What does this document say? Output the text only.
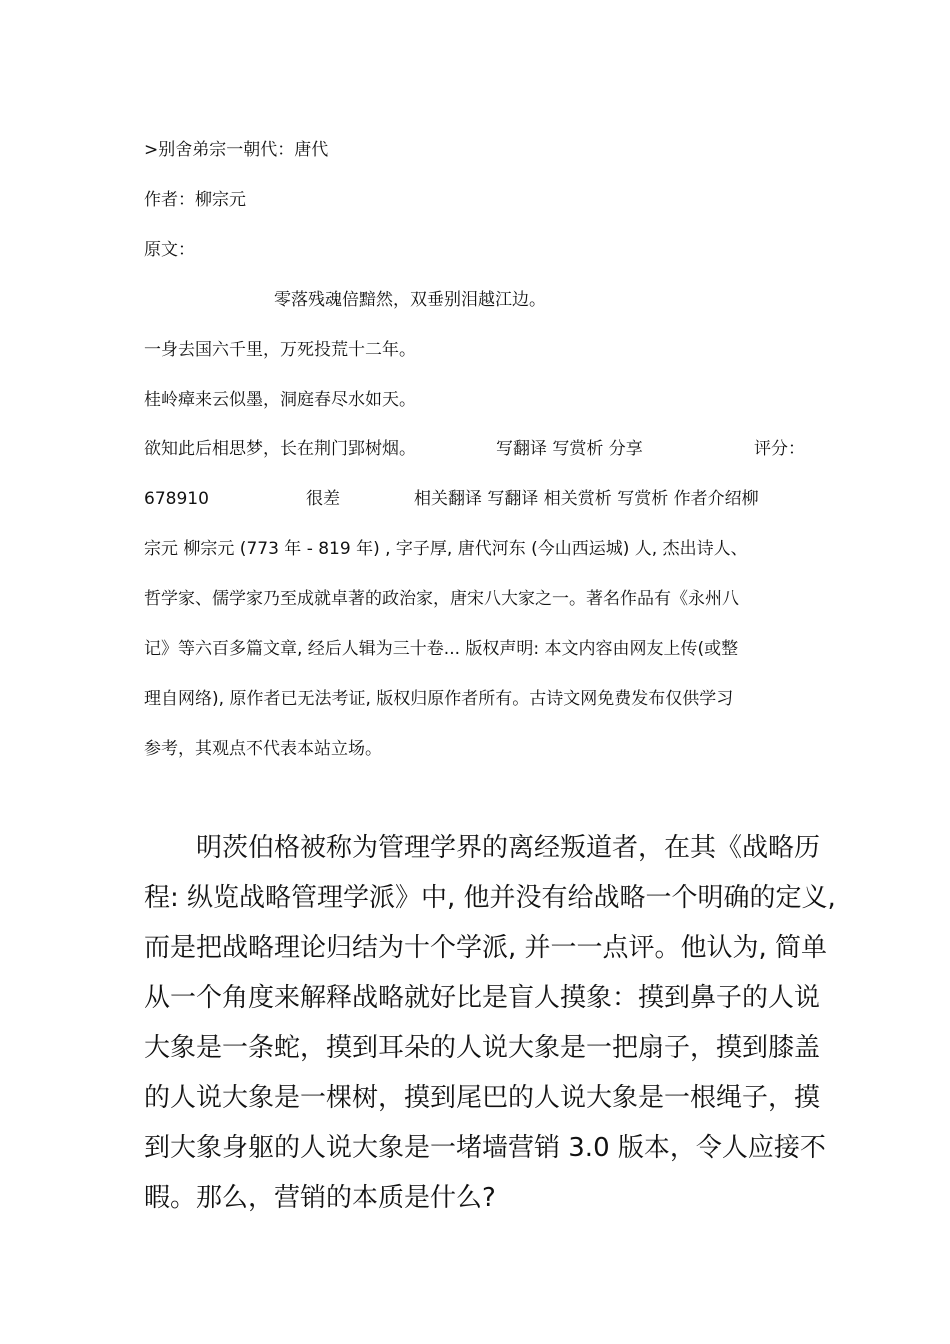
>别舍弟宗一朝代：唐代
作者：柳宗元
原文：
零落残魂倍黯然，双垂别泪越江边。
一身去国六千里，万死投荒十二年。
桂岭瘴来云似墨，洞庭春尽水如天。
欲知此后相思梦，长在荆门郢树烟。	写翻译 写赏析 分享	评分：
678910	很差	相关翻译 写翻译 相关赏析 写赏析 作者介绍柳
宗元 柳宗元 (773 年 - 819 年) , 字子厚, 唐代河东 (今山西运城) 人, 杰出诗人、
哲学家、儒学家乃至成就卓著的政治家，唐宋八大家之一。著名作品有《永州八
记》等六百多篇文章, 经后人辑为三十卷... 版权声明: 本文内容由网友上传(或整
理自网络), 原作者已无法考证, 版权归原作者所有。古诗文网免费发布仅供学习
参考，其观点不代表本站立场。
明茨伯格被称为管理学界的离经叛道者，在其《战略历
程: 纵览战略管理学派》中, 他并没有给战略一个明确的定义,
而是把战略理论归结为十个学派, 并一一点评。他认为, 简单
从一个角度来解释战略就好比是盲人摸象：摸到鼻子的人说
大象是一条蛇，摸到耳朵的人说大象是一把扇子，摸到膝盖
的人说大象是一棵树，摸到尾巴的人说大象是一根绳子，摸
到大象身躯的人说大象是一堵墙营销 3.0 版本，令人应接不
暇。那么，营销的本质是什么?
